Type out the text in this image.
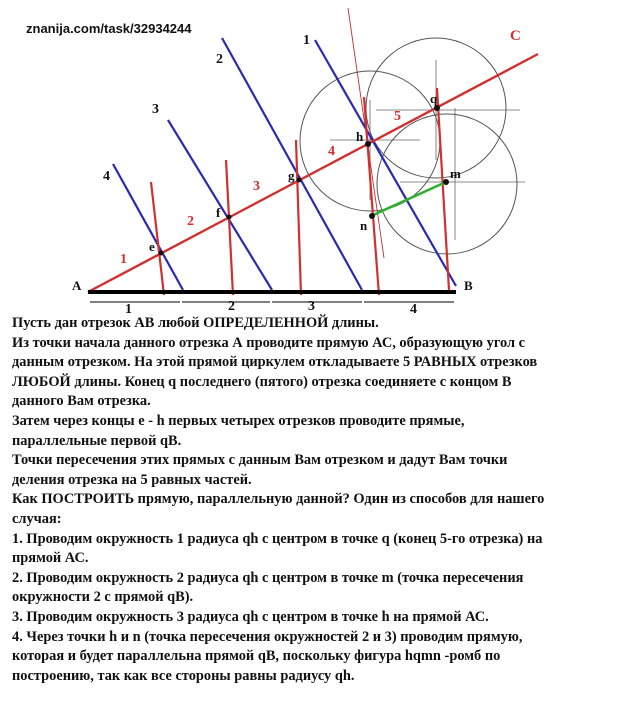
znanija.com/task/32934244
A	B
C
e
f
g
h
q
m
n
1
2
3
4
5
4
3
2
1
1	2	3	4

Пусть дан отрезок АВ любой ОПРЕДЕЛЕННОЙ длины.

Из точки начала данного отрезка А проводите прямую АС, образующую угол с

данным отрезком. На этой прямой циркулем откладываете 5 РАВНЫХ отрезков

ЛЮБОЙ длины. Конец q последнего (пятого) отрезка соединяете с концом В

данного Вам отрезка.

Затем через концы e - h первых четырех отрезков проводите прямые,

параллельные первой qB.

Точки пересечения этих прямых с данным Вам отрезком и дадут Вам точки

деления отрезка на 5 равных частей.

Как ПОСТРОИТЬ прямую, параллельную данной? Один из способов для нашего

случая:

1. Проводим окружность 1 радиуса qh с центром в точке q (конец 5-го отрезка) на

прямой АС.

2. Проводим окружность 2 радиуса qh с центром в точке m (точка пересечения

окружности 2 с прямой qB).

3. Проводим окружность 3 радиуса qh с центром в точке h на прямой АС.

4. Через точки h и n (точка пересечения окружностей 2 и 3) проводим прямую,

которая и будет параллельна прямой qB, поскольку фигура hqmn -ромб по

построению, так как все стороны равны радиусу qh.
